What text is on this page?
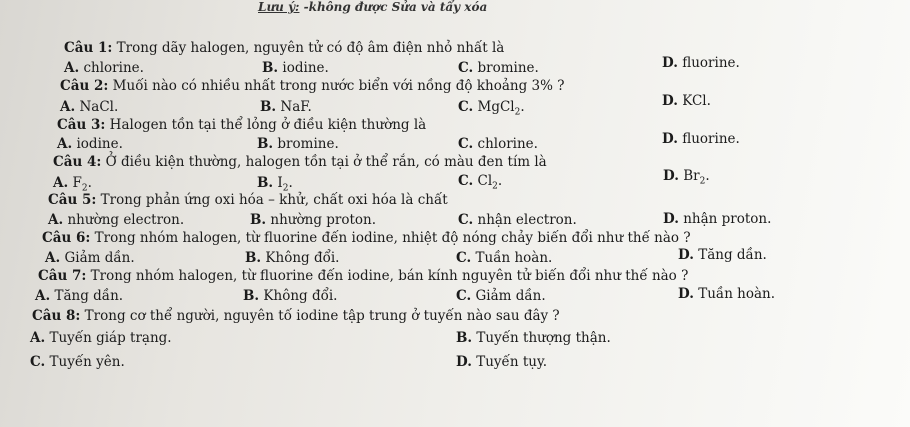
Lưu ý: -không được Sửa và tẩy xóa
Câu 1: Trong dãy halogen, nguyên tử có độ âm điện nhỏ nhất là
A. chlorine.	B. iodine.	C. bromine.	D. fluorine.
Câu 2: Muối nào có nhiều nhất trong nước biển với nồng độ khoảng 3% ?
A. NaCl.	B. NaF.	C. MgCl$_2$.	D. KCl.
Câu 3: Halogen tồn tại thể lỏng ở điều kiện thường là
A. iodine.	B. bromine.	C. chlorine.	D. fluorine.
Câu 4: Ở điều kiện thường, halogen tồn tại ở thể rắn, có màu đen tím là
A. $F_2$.	B. $I_2$.	C. $Cl_2$.	D. $Br_2$.
Câu 5: Trong phản ứng oxi hóa – khử, chất oxi hóa là chất
A. nhường electron.	B. nhường proton.	C. nhận electron.	D. nhận proton.
Câu 6: Trong nhóm halogen, từ fluorine đến iodine, nhiệt độ nóng chảy biến đổi như thế nào ?
A. Giảm dần.	B. Không đổi.	C. Tuần hoàn.	D. Tăng dần.
Câu 7: Trong nhóm halogen, từ fluorine đến iodine, bán kính nguyên tử biến đổi như thế nào ?
A. Tăng dần.	B. Không đổi.	C. Giảm dần.	D. Tuần hoàn.
Câu 8: Trong cơ thể người, nguyên tố iodine tập trung ở tuyến nào sau đây ?
A. Tuyến giáp trạng.	B. Tuyến thượng thận.
C. Tuyến yên.	D. Tuyến tụy.
